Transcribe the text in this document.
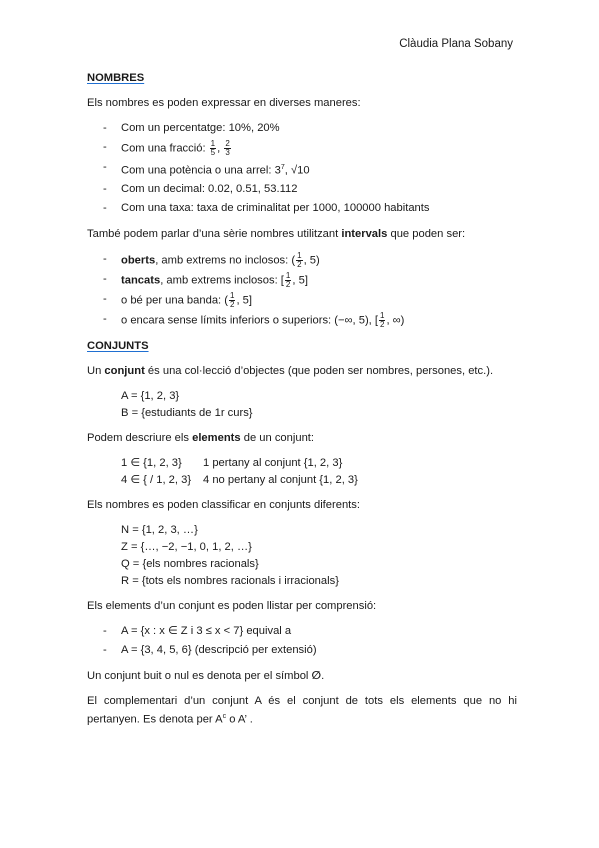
Clàudia Plana Sobany
NOMBRES

Els nombres es poden expressar en diverses maneres:

- Com un percentatge: 10%, 20%
- Com una fracció: $\frac{1}{5}$ , $\frac{2}{3}$
- Com una potència o una arrel: $3^7$, √10
- Com un decimal: 0.02, 0.51, 53.112
- Com una taxa: taxa de criminalitat per 1000, 100000 habitants

També podem parlar d’una sèrie nombres utilitzant intervals que poden ser:

- oberts, amb extrems no inclosos: ( $\frac{1}{2}$ , 5)
- tancats, amb extrems inclosos: [ $\frac{1}{2}$ , 5]
- o bé per una banda: ( $\frac{1}{2}$ , 5]
- o encara sense límits inferiors o superiors: (−∞, 5), [ $\frac{1}{2}$ , ∞)
CONJUNTS

Un conjunt és una col·lecció d’objectes (que poden ser nombres, persones, etc.).

A = {1, 2, 3}
B = {estudiants de 1r curs}

Podem descriure els elements de un conjunt:

1 ∈ {1, 2, 3}	1 pertany al conjunt {1, 2, 3}
4 ∈ { / 1, 2, 3}	4 no pertany al conjunt {1, 2, 3}

Els nombres es poden classificar en conjunts diferents:

N = {1, 2, 3, …}
Z = {…, −2, −1, 0, 1, 2, …}
Q = {els nombres racionals}
R = {tots els nombres racionals i irracionals}

Els elements d’un conjunt es poden llistar per comprensió:

- A = {x : x ∈ Z i 3 ≤ x < 7} equival a
- A = {3, 4, 5, 6} (descripció per extensió)

Un conjunt buit o nul es denota per el símbol ∅.

El complementari d’un conjunt A és el conjunt de tots els elements que no hi pertanyen. Es denota per $A^c$ o A’ .
